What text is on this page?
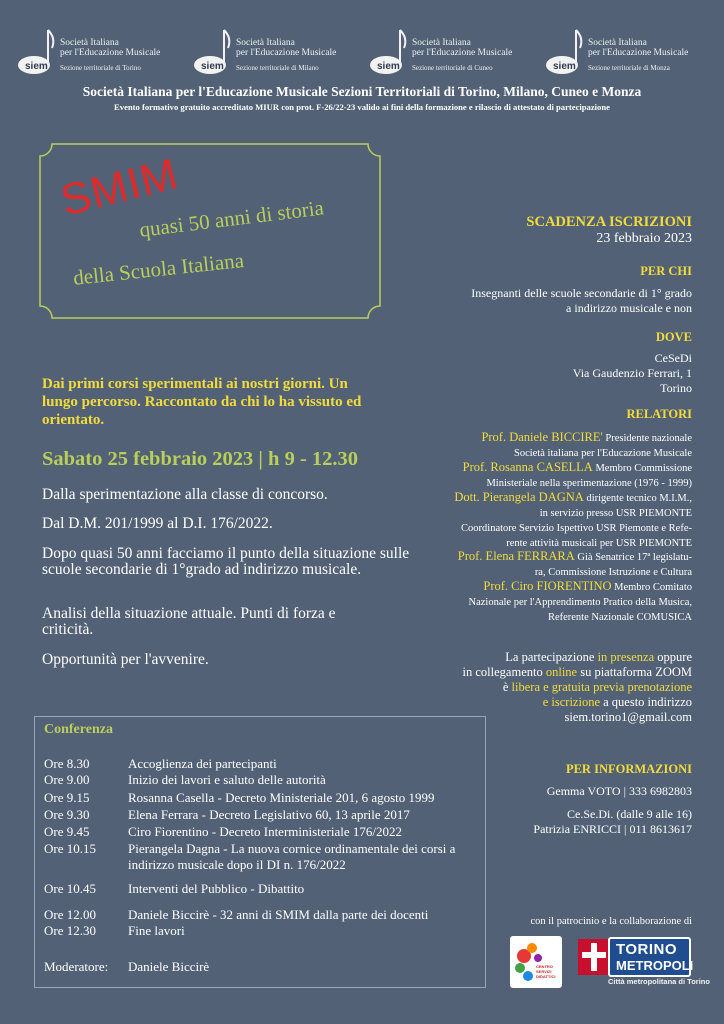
siem
Società Italiana
per l'Educazione Musicale
Sezione territoriale di Torino	siem
Società Italiana
per l'Educazione Musicale
Sezione territoriale di Milano	siem
Società Italiana
per l'Educazione Musicale
Sezione territoriale di Cuneo	siem
Società Italiana
per l'Educazione Musicale
Sezione territoriale di Monza
Società Italiana per l'Educazione Musicale Sezioni Territoriali di Torino, Milano, Cuneo e Monza
Evento formativo gratuito accreditato MIUR con prot. F-26/22-23 valido ai fini della formazione e rilascio di attestato di partecipazione
SMIM
quasi 50 anni di storia
della Scuola Italiana
Dai primi corsi sperimentali ai nostri giorni. Un lungo percorso. Raccontato da chi lo ha vissuto ed orientato.
Sabato 25 febbraio 2023 | h 9 - 12.30
Dalla sperimentazione alla classe di concorso.
Dal D.M. 201/1999 al D.I. 176/2022.
Dopo quasi 50 anni facciamo il punto della situazione sulle scuole secondarie di 1°grado ad indirizzo musicale.
Analisi della situazione attuale. Punti di forza e criticità.
Opportunità per l'avvenire.
Conferenza
Ore 8.30	Accoglienza dei partecipanti
Ore 9.00	Inizio dei lavori e saluto delle autorità
Ore 9.15	Rosanna Casella - Decreto Ministeriale 201, 6 agosto 1999
Ore 9.30	Elena Ferrara - Decreto Legislativo 60, 13 aprile 2017
Ore 9.45	Ciro Fiorentino - Decreto Interministeriale 176/2022
Ore 10.15	Pierangela Dagna - La nuova cornice ordinamentale dei corsi a indirizzo musicale dopo il DI n. 176/2022
Ore 10.45	Interventi del Pubblico - Dibattito
Ore 12.00	Daniele Biccirè - 32 anni di SMIM dalla parte dei docenti
Ore 12.30	Fine lavori
Moderatore:	Daniele Biccirè
SCADENZA ISCRIZIONI
23 febbraio 2023
PER CHI
Insegnanti delle scuole secondarie di 1° grado
a indirizzo musicale e non
DOVE
CeSeDi
Via Gaudenzio Ferrari, 1
Torino
RELATORI
Prof. Daniele BICCIRE' Presidente nazionale
Società italiana per l'Educazione Musicale
Prof. Rosanna CASELLA Membro Commissione
Ministeriale nella sperimentazione (1976 - 1999)
Dott. Pierangela DAGNA dirigente tecnico M.I.M.,
in servizio presso USR PIEMONTE
Coordinatore Servizio Ispettivo USR Piemonte e Refe-
rente attività musicali per USR PIEMONTE
Prof. Elena FERRARA Già Senatrice 17ª legislatu-
ra, Commissione Istruzione e Cultura
Prof. Ciro FIORENTINO Membro Comitato
Nazionale per l'Apprendimento Pratico della Musica,
Referente Nazionale COMUSICA
La partecipazione in presenza oppure
in collegamento online su piattaforma ZOOM
è libera e gratuita previa prenotazione
e iscrizione a questo indirizzo
siem.torino1@gmail.com
PER INFORMAZIONI
Gemma VOTO | 333 6982803
Ce.Se.Di. (dalle 9 alle 16)
Patrizia ENRICCI | 011 8613617
con il patrocinio e la collaborazione di
CENTRO SERVIZI DIDATTICI
TORINO
METROPOLI
Città metropolitana di Torino
